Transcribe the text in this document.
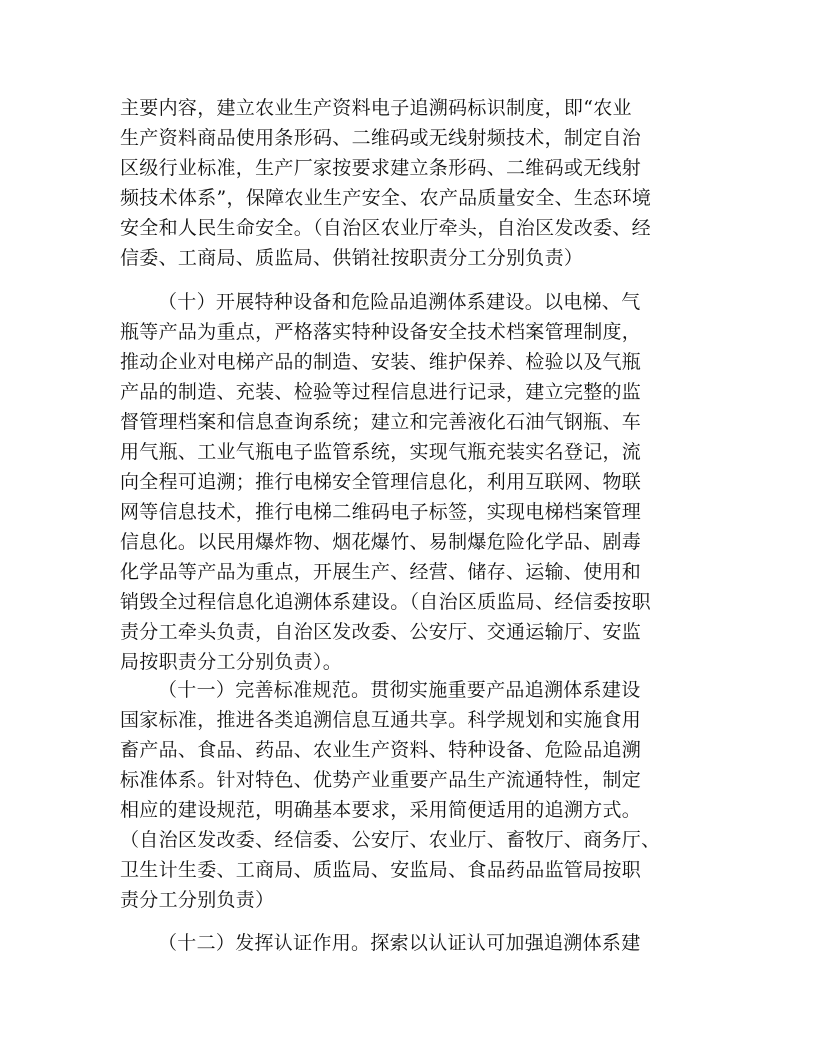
主要内容，建立农业生产资料电子追溯码标识制度，即“农业
生产资料商品使用条形码、二维码或无线射频技术，制定自治
区级行业标准，生产厂家按要求建立条形码、二维码或无线射
频技术体系”，保障农业生产安全、农产品质量安全、生态环境
安全和人民生命安全。（自治区农业厅牵头，自治区发改委、经
信委、工商局、质监局、供销社按职责分工分别负责）
（十）开展特种设备和危险品追溯体系建设。以电梯、气
瓶等产品为重点，严格落实特种设备安全技术档案管理制度，
推动企业对电梯产品的制造、安装、维护保养、检验以及气瓶
产品的制造、充装、检验等过程信息进行记录，建立完整的监
督管理档案和信息查询系统；建立和完善液化石油气钢瓶、车
用气瓶、工业气瓶电子监管系统，实现气瓶充装实名登记，流
向全程可追溯；推行电梯安全管理信息化，利用互联网、物联
网等信息技术，推行电梯二维码电子标签，实现电梯档案管理
信息化。以民用爆炸物、烟花爆竹、易制爆危险化学品、剧毒
化学品等产品为重点，开展生产、经营、储存、运输、使用和
销毁全过程信息化追溯体系建设。（自治区质监局、经信委按职
责分工牵头负责，自治区发改委、公安厅、交通运输厅、安监
局按职责分工分别负责）。
（十一）完善标准规范。贯彻实施重要产品追溯体系建设
国家标准，推进各类追溯信息互通共享。科学规划和实施食用
畜产品、食品、药品、农业生产资料、特种设备、危险品追溯
标准体系。针对特色、优势产业重要产品生产流通特性，制定
相应的建设规范，明确基本要求，采用简便适用的追溯方式。
（自治区发改委、经信委、公安厅、农业厅、畜牧厅、商务厅、
卫生计生委、工商局、质监局、安监局、食品药品监管局按职
责分工分别负责）
（十二）发挥认证作用。探索以认证认可加强追溯体系建
